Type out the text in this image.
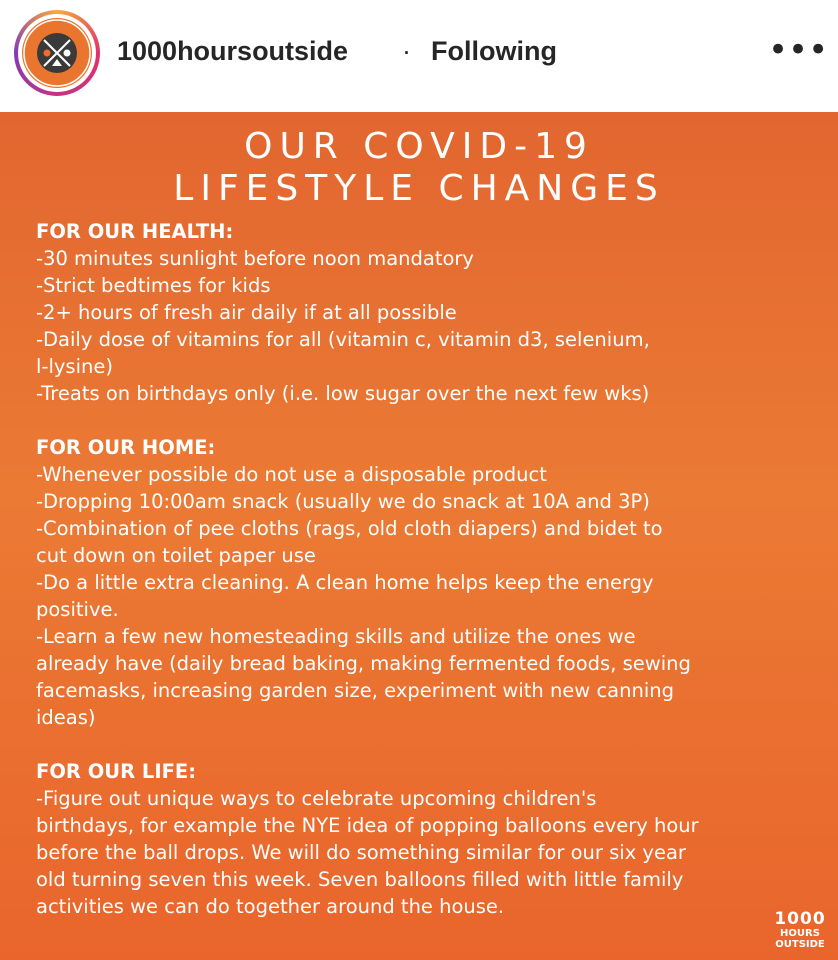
1000hoursoutside · Following	•••
OUR COVID-19
LIFESTYLE CHANGES
FOR OUR HEALTH:
-30 minutes sunlight before noon mandatory
-Strict bedtimes for kids
-2+ hours of fresh air daily if at all possible
-Daily dose of vitamins for all (vitamin c, vitamin d3, selenium,
l-lysine)
-Treats on birthdays only (i.e. low sugar over the next few wks)
FOR OUR HOME:
-Whenever possible do not use a disposable product
-Dropping 10:00am snack (usually we do snack at 10A and 3P)
-Combination of pee cloths (rags, old cloth diapers) and bidet to
cut down on toilet paper use
-Do a little extra cleaning. A clean home helps keep the energy
positive.
-Learn a few new homesteading skills and utilize the ones we
already have (daily bread baking, making fermented foods, sewing
facemasks, increasing garden size, experiment with new canning
ideas)
FOR OUR LIFE:
-Figure out unique ways to celebrate upcoming children's
birthdays, for example the NYE idea of popping balloons every hour
before the ball drops. We will do something similar for our six year
old turning seven this week. Seven balloons filled with little family
activities we can do together around the house.
1000
HOURS
OUTSIDE
